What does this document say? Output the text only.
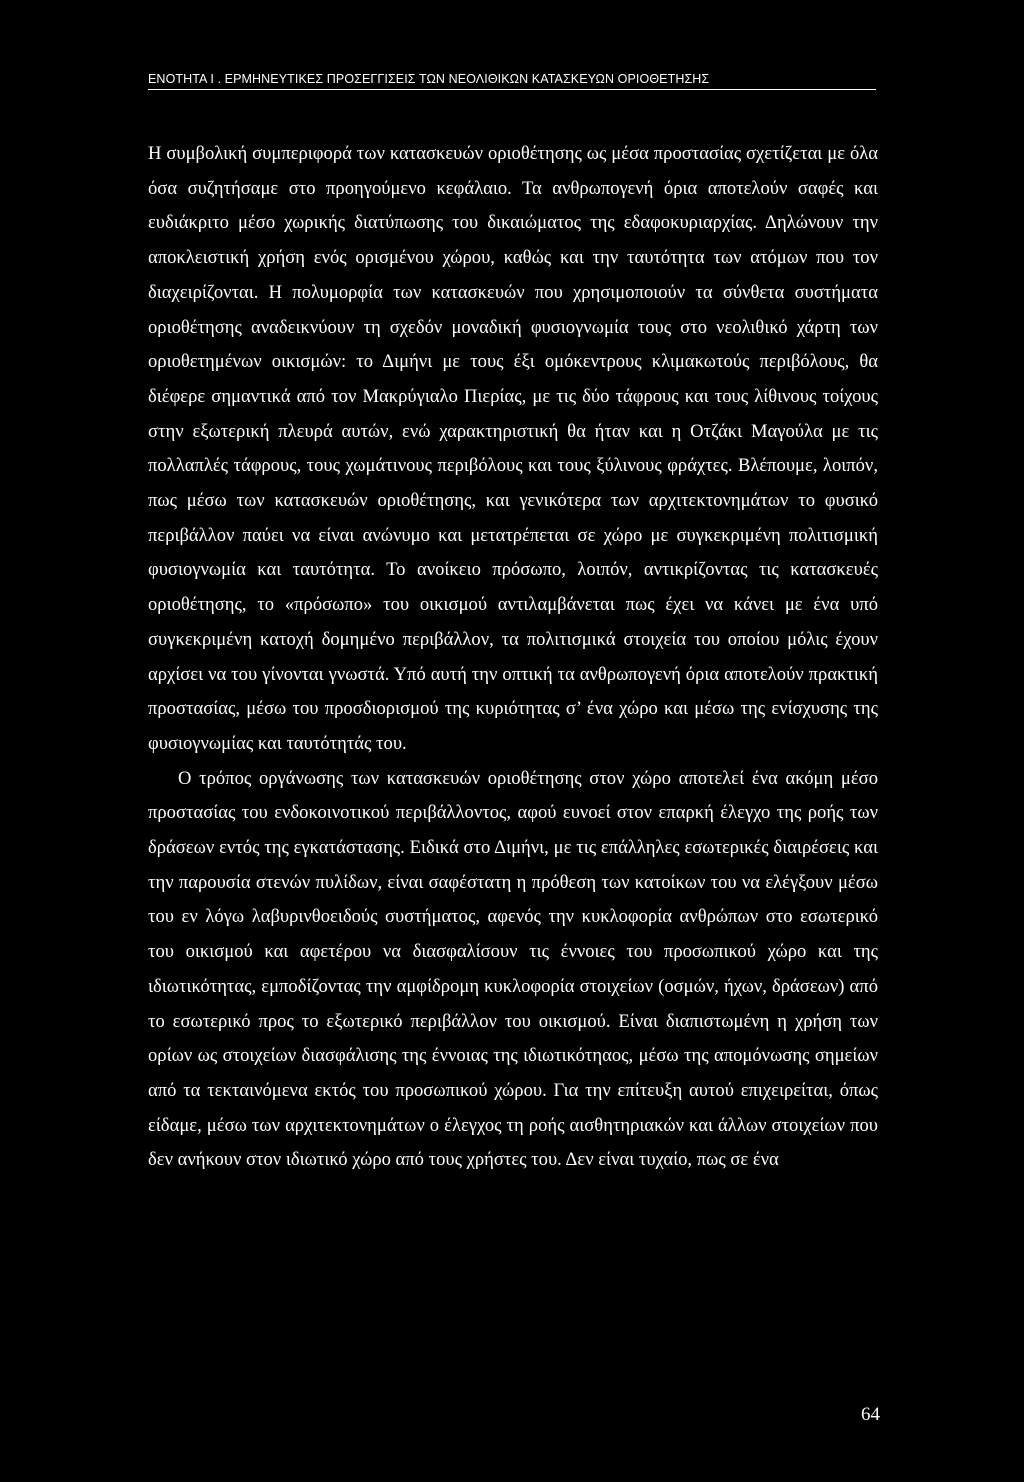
ΕΝΟΤΗΤΑ Ι . ΕΡΜΗΝΕΥΤΙΚΕΣ ΠΡΟΣΕΓΓΙΣΕΙΣ ΤΩΝ ΝΕΟΛΙΘΙΚΩΝ ΚΑΤΑΣΚΕΥΩΝ ΟΡΙΟΘΕΤΗΣΗΣ

Η συμβολική συμπεριφορά των κατασκευών οριοθέτησης ως μέσα προστασίας σχετίζεται με όλα όσα συζητήσαμε στο προηγούμενο κεφάλαιο. Τα ανθρωπογενή όρια αποτελούν σαφές και ευδιάκριτο μέσο χωρικής διατύπωσης του δικαιώματος της εδαφοκυριαρχίας. Δηλώνουν την αποκλειστική χρήση ενός ορισμένου χώρου, καθώς και την ταυτότητα των ατόμων που τον διαχειρίζονται. Η πολυμορφία των κατασκευών που χρησιμοποιούν τα σύνθετα συστήματα οριοθέτησης αναδεικνύουν τη σχεδόν μοναδική φυσιογνωμία τους στο νεολιθικό χάρτη των οριοθετημένων οικισμών: το Διμήνι με τους έξι ομόκεντρους κλιμακωτούς περιβόλους, θα διέφερε σημαντικά από τον Μακρύγιαλο Πιερίας, με τις δύο τάφρους και τους λίθινους τοίχους στην εξωτερική πλευρά αυτών, ενώ χαρακτηριστική θα ήταν και η Οτζάκι Μαγούλα με τις πολλαπλές τάφρους, τους χωμάτινους περιβόλους και τους ξύλινους φράχτες. Βλέπουμε, λοιπόν, πως μέσω των κατασκευών οριοθέτησης, και γενικότερα των αρχιτεκτονημάτων το φυσικό περιβάλλον παύει να είναι ανώνυμο και μετατρέπεται σε χώρο με συγκεκριμένη πολιτισμική φυσιογνωμία και ταυτότητα. Το ανοίκειο πρόσωπο, λοιπόν, αντικρίζοντας τις κατασκευές οριοθέτησης, το «πρόσωπο» του οικισμού αντιλαμβάνεται πως έχει να κάνει με ένα υπό συγκεκριμένη κατοχή δομημένο περιβάλλον, τα πολιτισμικά στοιχεία του οποίου μόλις έχουν αρχίσει να του γίνονται γνωστά. Υπό αυτή την οπτική τα ανθρωπογενή όρια αποτελούν πρακτική προστασίας, μέσω του προσδιορισμού της κυριότητας σ’ ένα χώρο και μέσω της ενίσχυσης της φυσιογνωμίας και ταυτότητάς του.

Ο τρόπος οργάνωσης των κατασκευών οριοθέτησης στον χώρο αποτελεί ένα ακόμη μέσο προστασίας του ενδοκοινοτικού περιβάλλοντος, αφού ευνοεί στον επαρκή έλεγχο της ροής των δράσεων εντός της εγκατάστασης. Ειδικά στο Διμήνι, με τις επάλληλες εσωτερικές διαιρέσεις και την παρουσία στενών πυλίδων, είναι σαφέστατη η πρόθεση των κατοίκων του να ελέγξουν μέσω του εν λόγω λαβυρινθοειδούς συστήματος, αφενός την κυκλοφορία ανθρώπων στο εσωτερικό του οικισμού και αφετέρου να διασφαλίσουν τις έννοιες του προσωπικού χώρο και της ιδιωτικότητας, εμποδίζοντας την αμφίδρομη κυκλοφορία στοιχείων (οσμών, ήχων, δράσεων) από το εσωτερικό προς το εξωτερικό περιβάλλον του οικισμού. Είναι διαπιστωμένη η χρήση των ορίων ως στοιχείων διασφάλισης της έννοιας της ιδιωτικότηαος, μέσω της απομόνωσης σημείων από τα τεκταινόμενα εκτός του προσωπικού χώρου. Για την επίτευξη αυτού επιχειρείται, όπως είδαμε, μέσω των αρχιτεκτονημάτων ο έλεγχος τη ροής αισθητηριακών και άλλων στοιχείων που δεν ανήκουν στον ιδιωτικό χώρο από τους χρήστες του. Δεν είναι τυχαίο, πως σε ένα

64
